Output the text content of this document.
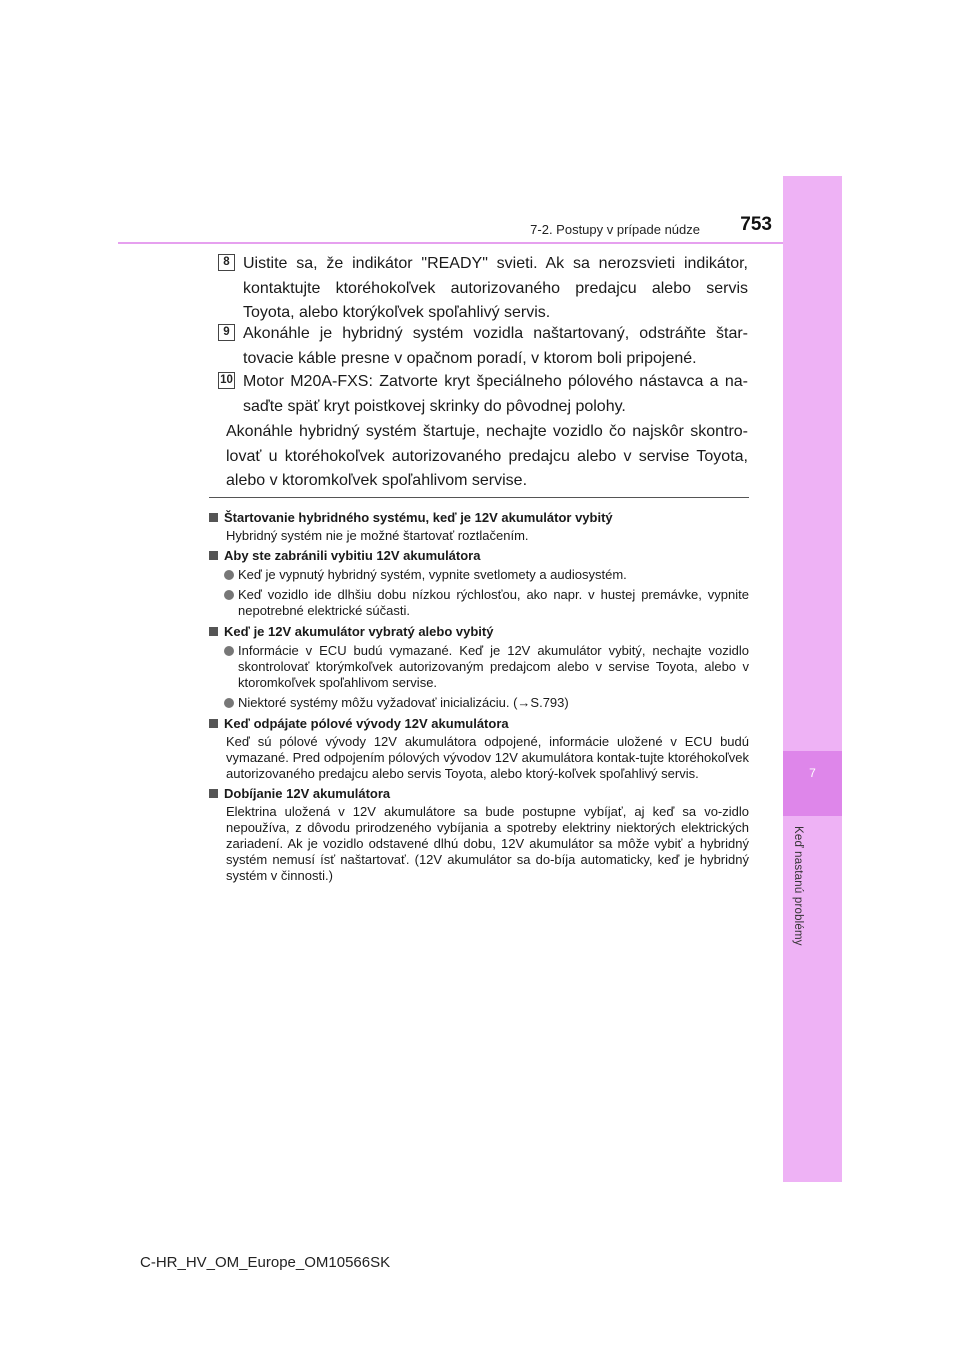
7
Keď nastanú problémy
7-2. Postupy v prípade núdze	753
8 Uistite sa, že indikátor "READY" svieti. Ak sa nerozsvieti indikátor, kontaktujte ktoréhokoľvek autorizovaného predajcu alebo servis Toyota, alebo ktorýkoľvek spoľahlivý servis.

9 Akonáhle je hybridný systém vozidla naštartovaný, odstráňte štar-tovacie káble presne v opačnom poradí, v ktorom boli pripojené.

10 Motor M20A-FXS: Zatvorte kryt špeciálneho pólového nástavca a na-saďte späť kryt poistkovej skrinky do pôvodnej polohy.

Akonáhle hybridný systém štartuje, nechajte vozidlo čo najskôr skontro-lovať u ktoréhokoľvek autorizovaného predajcu alebo v servise Toyota, alebo v ktoromkoľvek spoľahlivom servise.

Štartovanie hybridného systému, keď je 12V akumulátor vybitý
Hybridný systém nie je možné štartovať roztlačením.
Aby ste zabránili vybitiu 12V akumulátora
Keď je vypnutý hybridný systém, vypnite svetlomety a audiosystém.
Keď vozidlo ide dlhšiu dobu nízkou rýchlosťou, ako napr. v hustej premávke, vypnite nepotrebné elektrické súčasti.
Keď je 12V akumulátor vybratý alebo vybitý
Informácie v ECU budú vymazané. Keď je 12V akumulátor vybitý, nechajte vozidlo skontrolovať ktorýmkoľvek autorizovaným predajcom alebo v servise Toyota, alebo v ktoromkoľvek spoľahlivom servise.
Niektoré systémy môžu vyžadovať inicializáciu. (→S.793)
Keď odpájate pólové vývody 12V akumulátora
Keď sú pólové vývody 12V akumulátora odpojené, informácie uložené v ECU budú vymazané. Pred odpojením pólových vývodov 12V akumulátora kontak-tujte ktoréhokoľvek autorizovaného predajcu alebo servis Toyota, alebo ktorý-koľvek spoľahlivý servis.
Dobíjanie 12V akumulátora
Elektrina uložená v 12V akumulátore sa bude postupne vybíjať, aj keď sa vo-zidlo nepoužíva, z dôvodu prirodzeného vybíjania a spotreby elektriny niektorých elektrických zariadení. Ak je vozidlo odstavené dlhú dobu, 12V akumulátor sa môže vybiť a hybridný systém nemusí ísť naštartovať. (12V akumulátor sa do-bíja automaticky, keď je hybridný systém v činnosti.)
C-HR_HV_OM_Europe_OM10566SK
